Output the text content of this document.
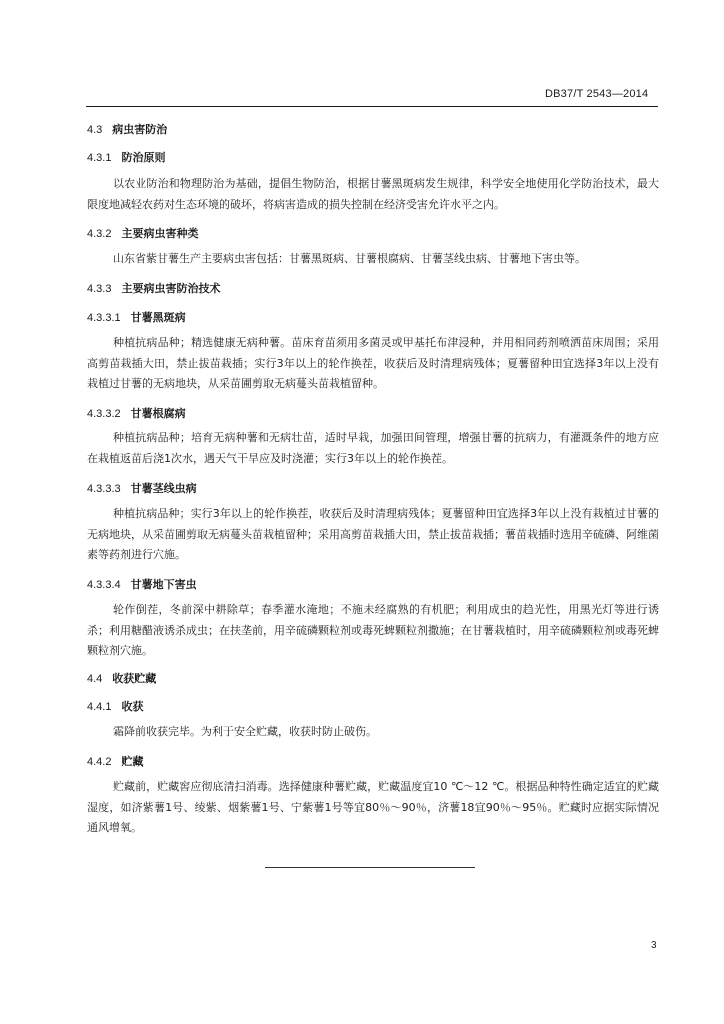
DB37/T 2543—2014
4.3 病虫害防治
4.3.1 防治原则

以农业防治和物理防治为基础，提倡生物防治，根据甘薯黑斑病发生规律，科学安全地使用化学防治技术，最大限度地减轻农药对生态环境的破坏，将病害造成的损失控制在经济受害允许水平之内。

4.3.2 主要病虫害种类

山东省紫甘薯生产主要病虫害包括：甘薯黑斑病、甘薯根腐病、甘薯茎线虫病、甘薯地下害虫等。

4.3.3 主要病虫害防治技术
4.3.3.1 甘薯黑斑病

种植抗病品种；精选健康无病种薯。苗床育苗须用多菌灵或甲基托布津浸种，并用相同药剂喷洒苗床周围；采用高剪苗栽插大田，禁止拔苗栽插；实行3年以上的轮作换茬，收获后及时清理病残体；夏薯留种田宜选择3年以上没有栽植过甘薯的无病地块，从采苗圃剪取无病蔓头苗栽植留种。

4.3.3.2 甘薯根腐病

种植抗病品种；培育无病种薯和无病壮苗，适时早栽，加强田间管理，增强甘薯的抗病力，有灌溉条件的地方应在栽植返苗后浇1次水，遇天气干旱应及时浇灌；实行3年以上的轮作换茬。

4.3.3.3 甘薯茎线虫病

种植抗病品种；实行3年以上的轮作换茬，收获后及时清理病残体；夏薯留种田宜选择3年以上没有栽植过甘薯的无病地块，从采苗圃剪取无病蔓头苗栽植留种；采用高剪苗栽插大田，禁止拔苗栽插；薯苗栽插时选用辛硫磷、阿维菌素等药剂进行穴施。

4.3.3.4 甘薯地下害虫

轮作倒茬，冬前深中耕除草；春季灌水淹地；不施未经腐熟的有机肥；利用成虫的趋光性，用黑光灯等进行诱杀；利用糖醋液诱杀成虫；在扶垄前，用辛硫磷颗粒剂或毒死蜱颗粒剂撒施；在甘薯栽植时，用辛硫磷颗粒剂或毒死蜱颗粒剂穴施。

4.4 收获贮藏
4.4.1 收获

霜降前收获完毕。为利于安全贮藏，收获时防止破伤。

4.4.2 贮藏

贮藏前，贮藏窖应彻底清扫消毒。选择健康种薯贮藏，贮藏温度宜10 ℃～12 ℃。根据品种特性确定适宜的贮藏湿度，如济紫薯1号、绫紫、烟紫薯1号、宁紫薯1号等宜80％～90％，济薯18宜90％～95％。贮藏时应据实际情况通风增氧。

3
